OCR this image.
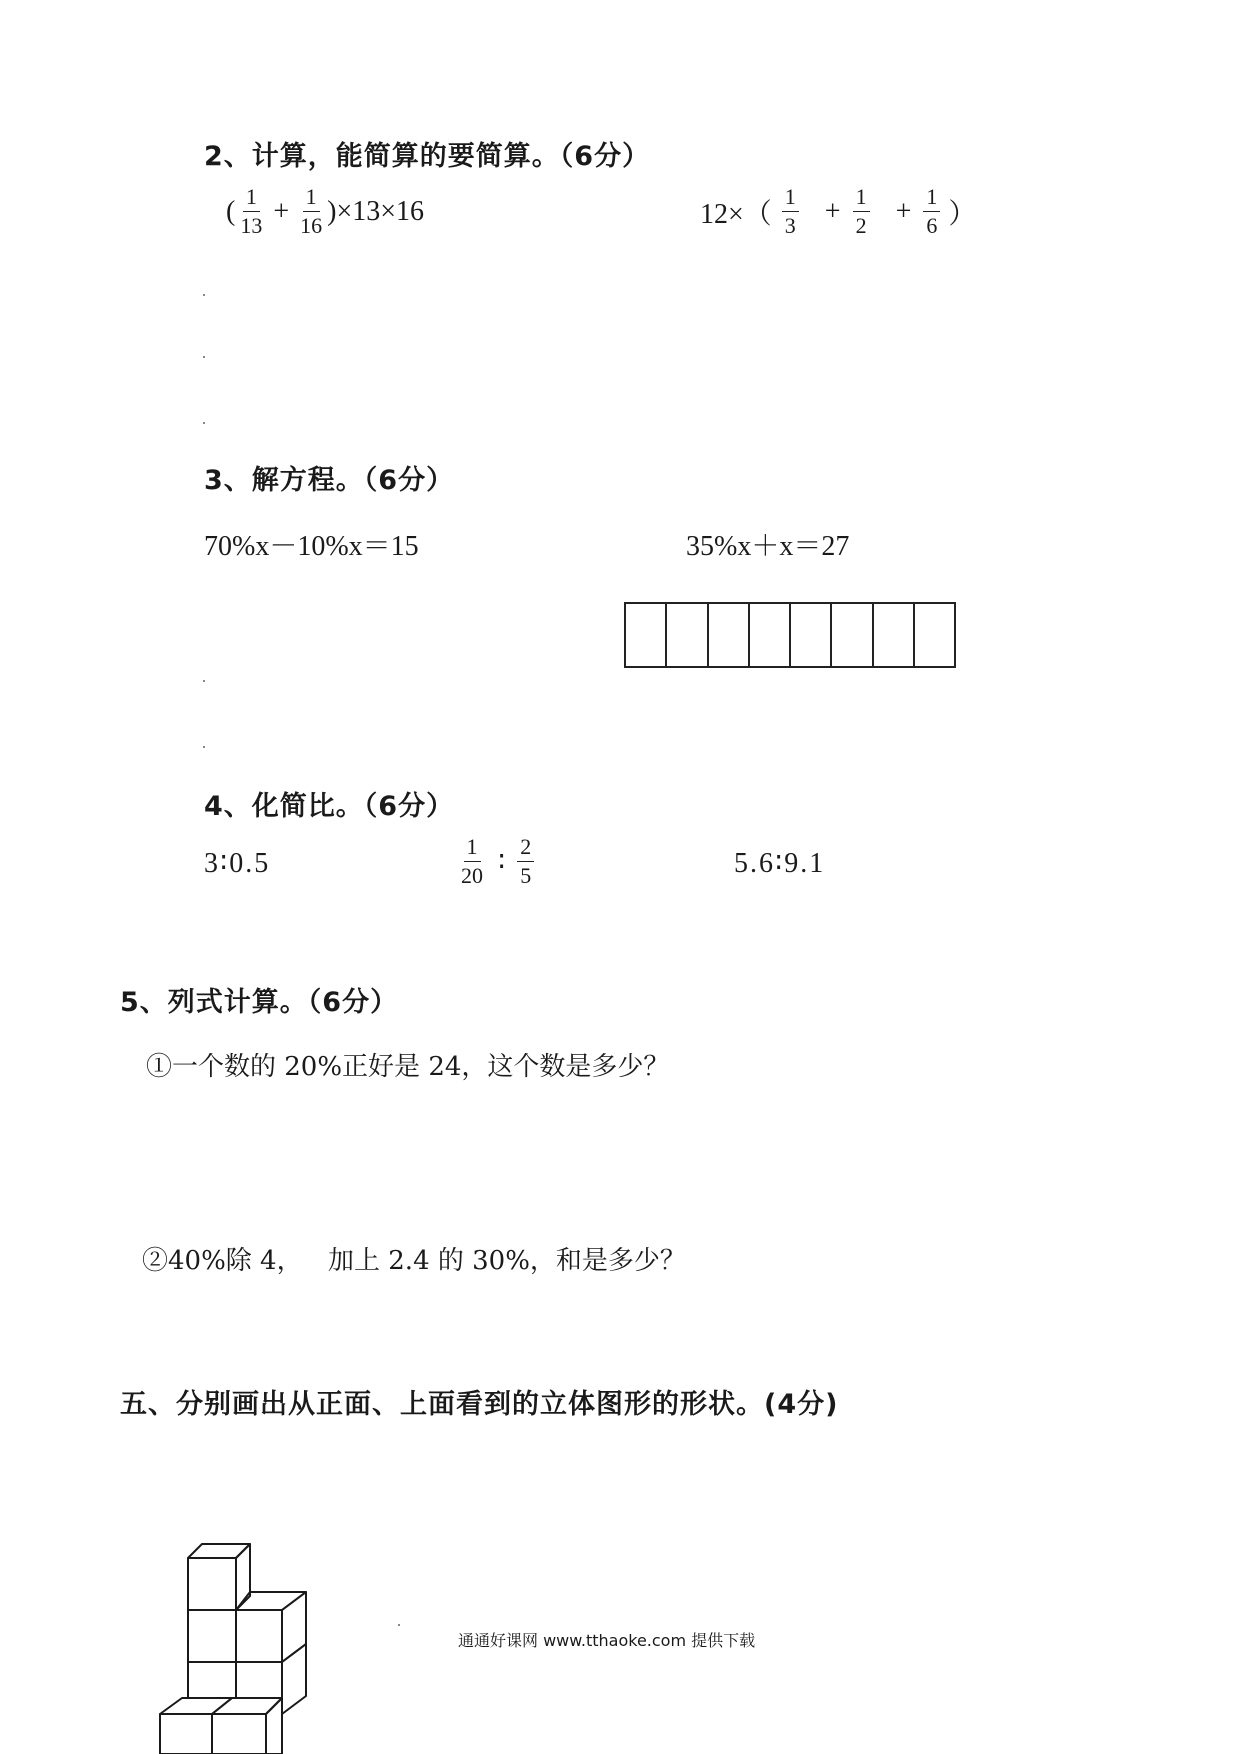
2、计算，能简算的要简算。（6分）
( $\frac{1}{13} + \frac{1}{16} )\times 13\times 16$	$12\times( \frac{1}{3} + \frac{1}{2} + \frac{1}{6}$ ）
3、解方程。（6分）
70%x－10%x＝15	35%x＋x＝27
4、化简比。（6分）
3∶0.5	$\frac{1}{20}$ ∶ $\frac{2}{5}$	5.6∶9.1
5、列式计算。（6分）
①一个数的 20%正好是 24，这个数是多少？
②40%除 4， 加上 2.4 的 30%，和是多少？
五、分别画出从正面、上面看到的立体图形的形状。(4分)
通通好课网 www.tthaoke.com 提供下载
